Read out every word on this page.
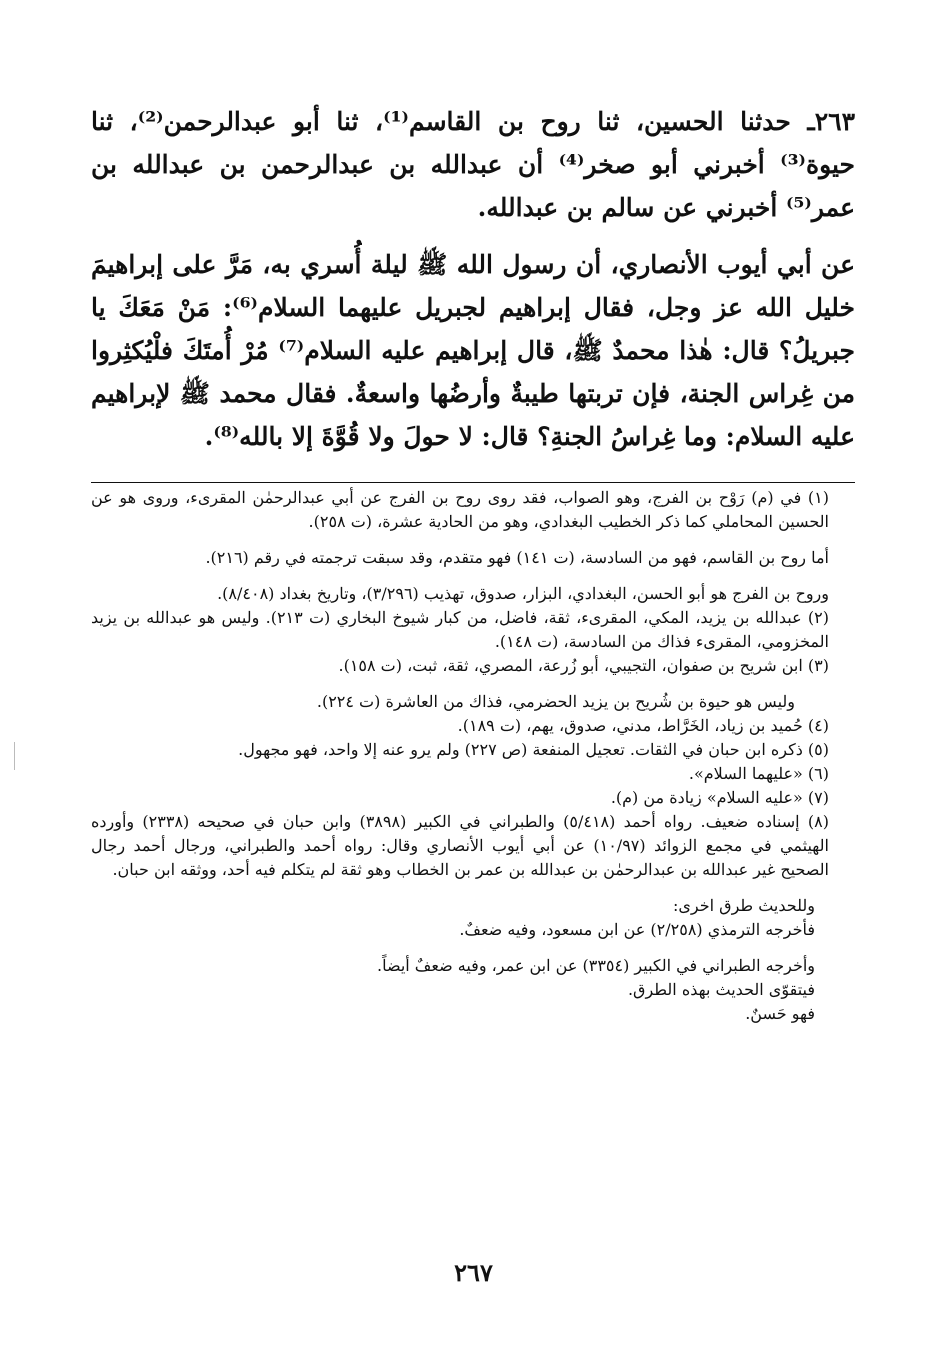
٢٦٣ـ حدثنا الحسين، ثنا روح بن القاسم⁽¹⁾، ثنا أبو عبدالرحمن⁽²⁾، ثنا حيوة⁽³⁾ أخبرني أبو صخر⁽⁴⁾ أن عبدالله بن عبدالرحمن بن عبدالله بن عمر⁽⁵⁾ أخبرني عن سالم بن عبدالله.

عن أبي أيوب الأنصاري، أن رسول الله ﷺ ليلة أُسري به، مَرَّ على إبراهيمَ خليل الله عز وجل، فقال إبراهيم لجبريل عليهما السلام⁽⁶⁾: مَنْ مَعَكَ يا جبريلُ؟ قال: هٰذا محمدٌ ﷺ، قال إبراهيم عليه السلام⁽⁷⁾ مُرْ أُمتَكَ فلْيُكثِروا من غِراس الجنة، فإن تربتها طيبةٌ وأرضُها واسعةٌ. فقال محمد ﷺ لإبراهيم عليه السلام: وما غِراسُ الجنةِ؟ قال: لا حولَ ولا قُوَّةَ إلا بالله⁽⁸⁾.

(١) في (م) رَوْح بن الفرج، وهو الصواب، فقد روى روح بن الفرج عن أبي عبدالرحمٰن المقرىء، وروى هو عن الحسين المحاملي كما ذكر الخطيب البغدادي، وهو من الحادية عشرة، (ت ٢٥٨).

أما روح بن القاسم، فهو من السادسة، (ت ١٤١) فهو متقدم، وقد سبقت ترجمته في رقم (٢١٦).

وروح بن الفرج هو أبو الحسن، البغدادي، البزار، صدوق، تهذيب (٣/٢٩٦)، وتاريخ بغداد (٨/٤٠٨).

(٢) عبدالله بن يزيد، المكي، المقرىء، ثقة، فاضل، من كبار شيوخ البخاري (ت ٢١٣). وليس هو عبدالله بن يزيد المخزومي، المقرىء فذاك من السادسة، (ت ١٤٨).

(٣) ابن شريح بن صفوان، التجيبي، أبو زُرعة، المصري، ثقة، ثبت، (ت ١٥٨).

وليس هو حيوة بن شُريح بن يزيد الحضرمي، فذاك من العاشرة (ت ٢٢٤).

(٤) حُميد بن زياد، الخَرَّاط، مدني، صدوق، يهم، (ت ١٨٩).

(٥) ذكره ابن حبان في الثقات. تعجيل المنفعة (ص ٢٢٧) ولم يرو عنه إلا واحد، فهو مجهول.

(٦) «عليهما السلام».

(٧) «عليه السلام» زيادة من (م).

(٨) إسناده ضعيف. رواه أحمد (٥/٤١٨) والطبراني في الكبير (٣٨٩٨) وابن حبان في صحيحه (٢٣٣٨) وأورده الهيثمي في مجمع الزوائد (١٠/٩٧) عن أبي أيوب الأنصاري وقال: رواه أحمد والطبراني، ورجال أحمد رجال الصحيح غير عبدالله بن عبدالرحمٰن بن عبدالله بن عمر بن الخطاب وهو ثقة لم يتكلم فيه أحد، ووثقه ابن حبان.

وللحديث طرق اخرى:

فأخرجه الترمذي (٢/٢٥٨) عن ابن مسعود، وفيه ضعفٌ.

وأخرجه الطبراني في الكبير (٣٣٥٤) عن ابن عمر، وفيه ضعفٌ أيضاً.

فيتقوّى الحديث بهذه الطرق.

فهو حَسنٌ.

٢٦٧
